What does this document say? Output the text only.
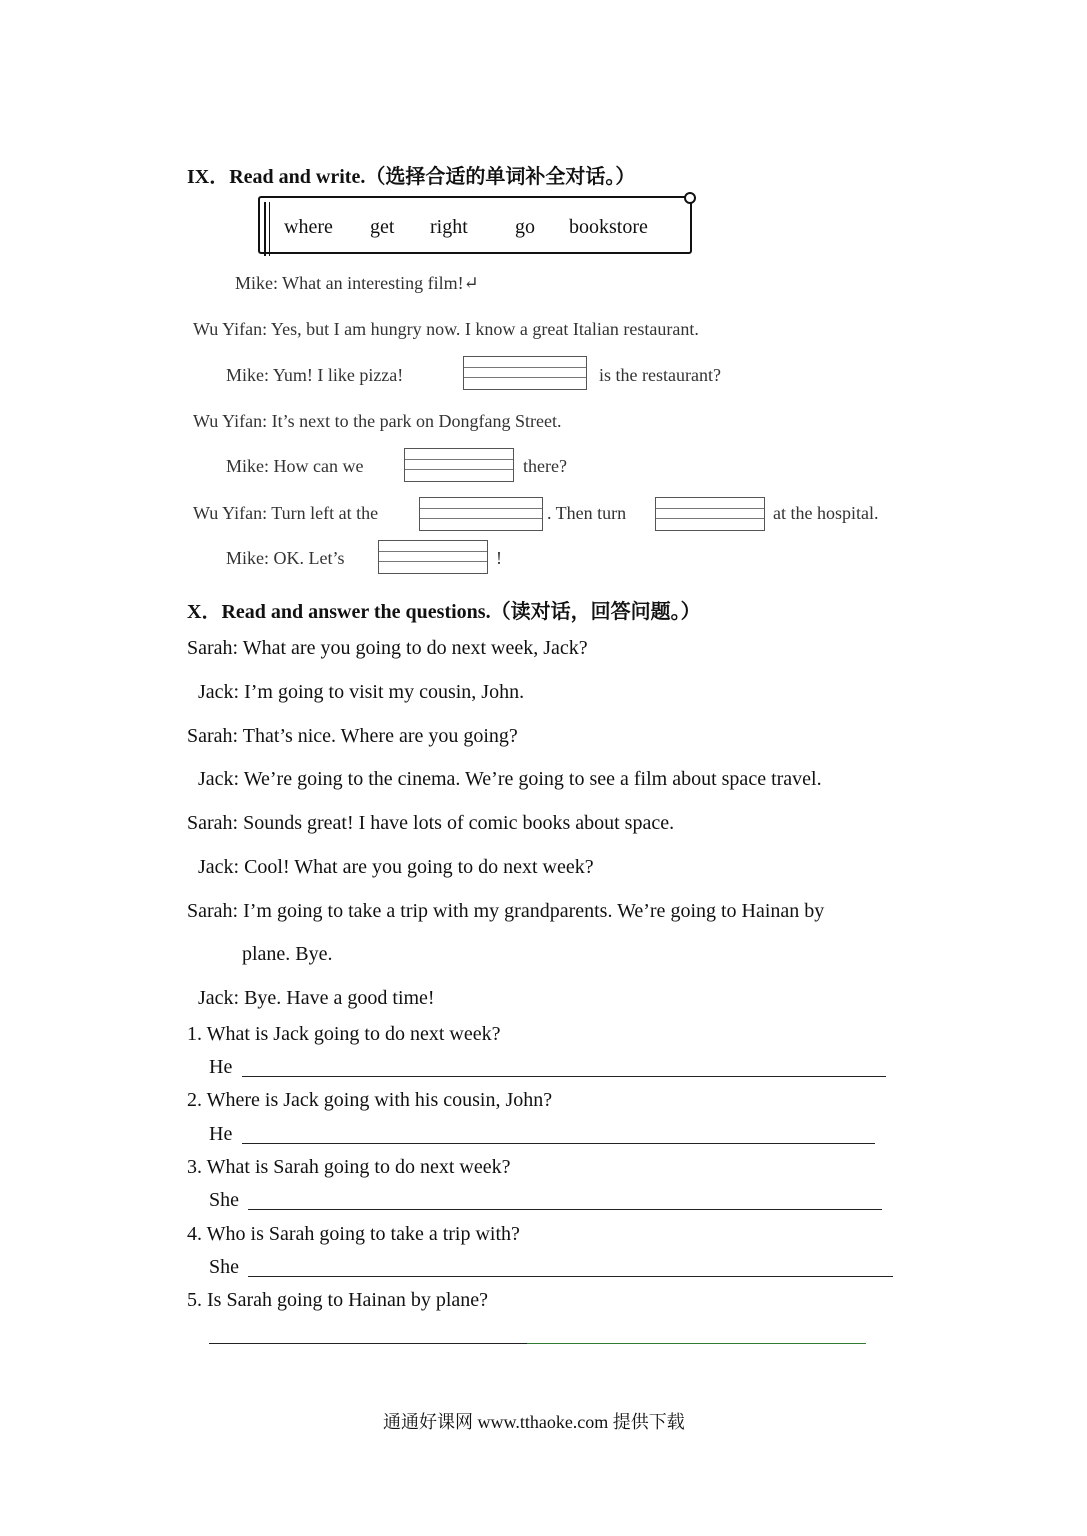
IX．Read and write.（选择合适的单词补全对话。）
where get right go bookstore
Mike: What an interesting film!↵
Wu Yifan: Yes, but I am hungry now. I know a great Italian restaurant.
Mike: Yum! I like pizza!	is the restaurant?
Wu Yifan: It’s next to the park on Dongfang Street.
Mike: How can we	there?
Wu Yifan: Turn left at the	. Then turn	at the hospital.
Mike: OK. Let’s	!
X．Read and answer the questions.（读对话，回答问题。）
Sarah: What are you going to do next week, Jack?
Jack: I’m going to visit my cousin, John.
Sarah: That’s nice. Where are you going?
Jack: We’re going to the cinema. We’re going to see a film about space travel.
Sarah: Sounds great! I have lots of comic books about space.
Jack: Cool! What are you going to do next week?
Sarah: I’m going to take a trip with my grandparents. We’re going to Hainan by
plane. Bye.
Jack: Bye. Have a good time!
1. What is Jack going to do next week?
He
2. Where is Jack going with his cousin, John?
He
3. What is Sarah going to do next week?
She
4. Who is Sarah going to take a trip with?
She
5. Is Sarah going to Hainan by plane?
通通好课网 www.tthaoke.com 提供下载
